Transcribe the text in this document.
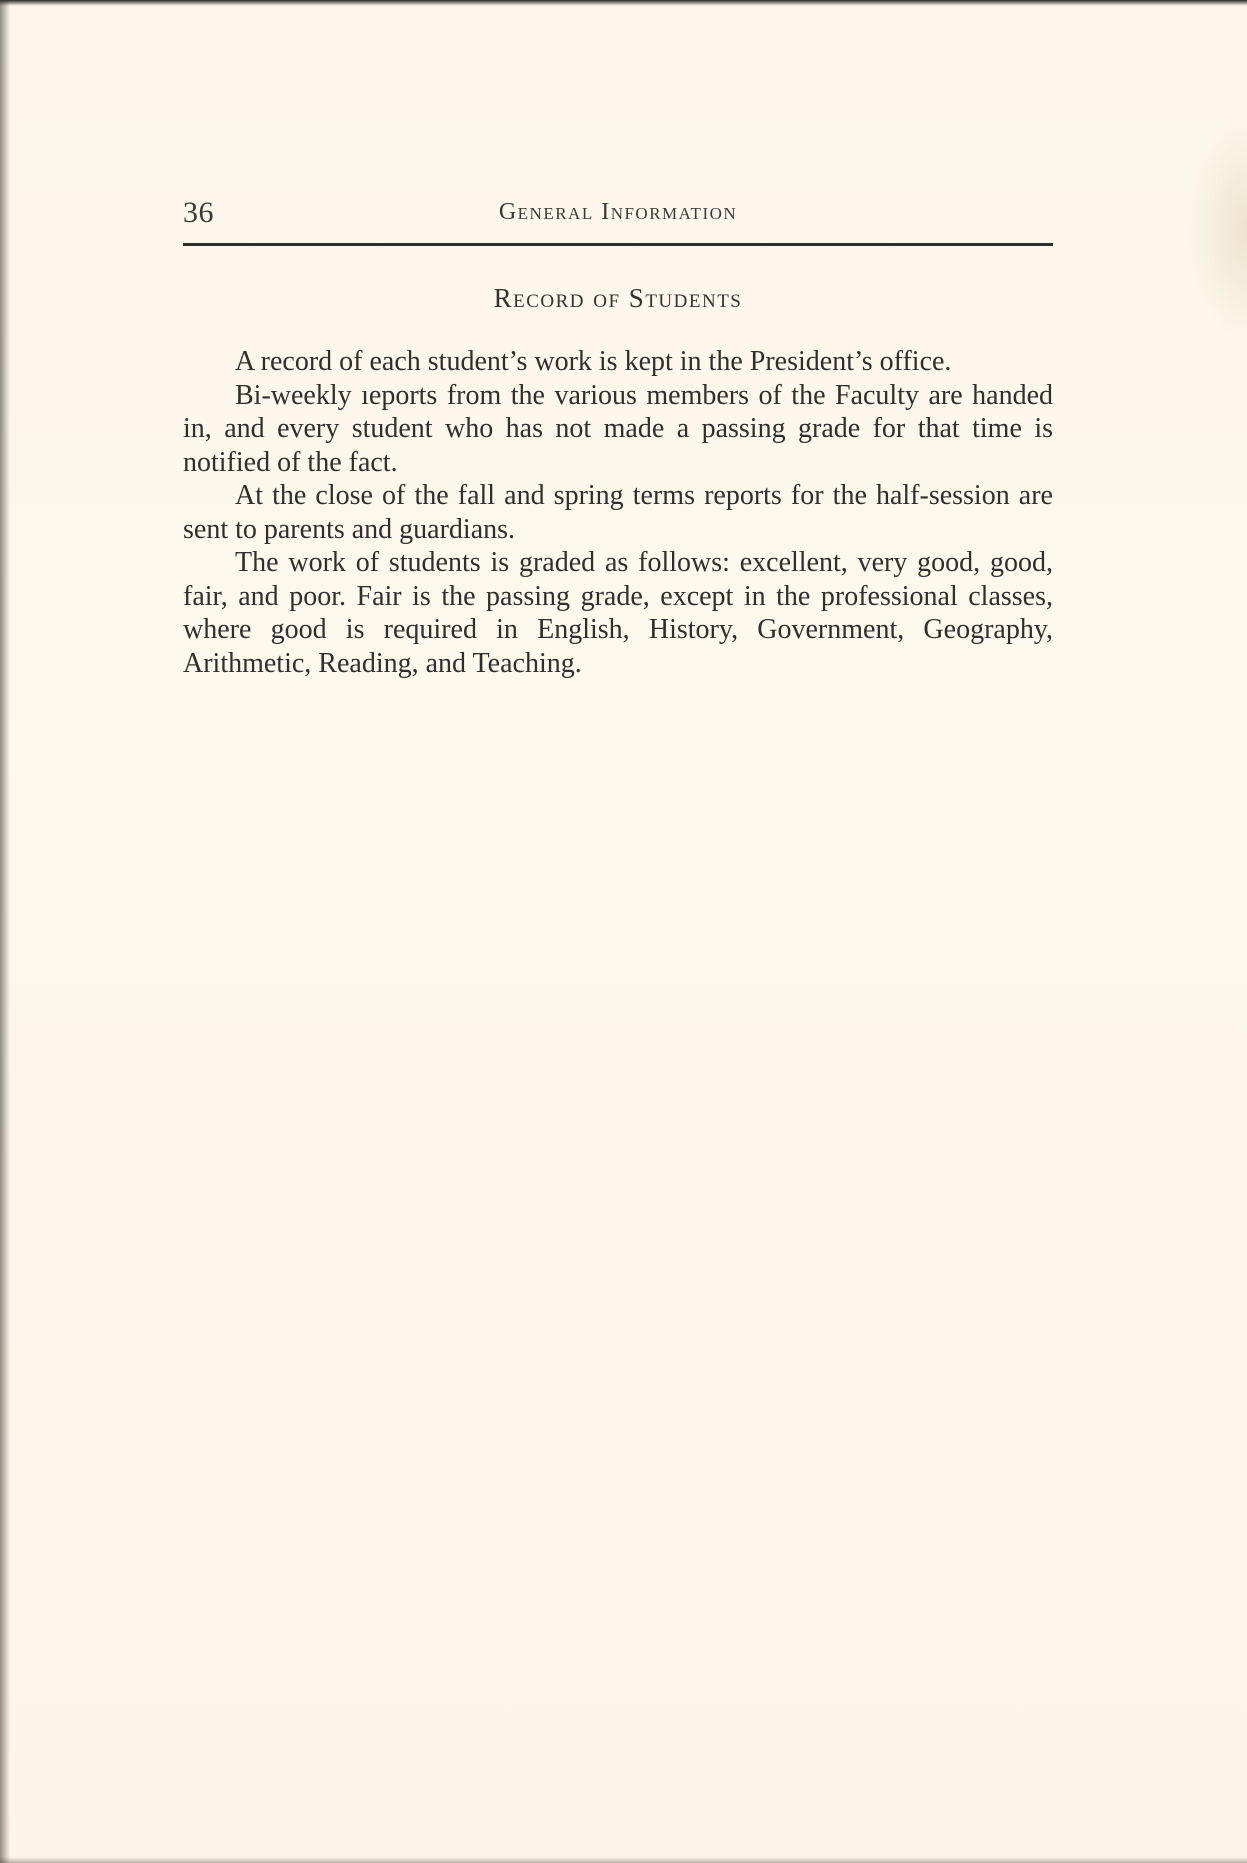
36	General Information
Record of Students

A record of each student’s work is kept in the President’s office.

Bi-weekly ıeports from the various members of the Faculty are handed in, and every student who has not made a passing grade for that time is notified of the fact.

At the close of the fall and spring terms reports for the half-session are sent to parents and guardians.

The work of students is graded as follows: excellent, very good, good, fair, and poor. Fair is the passing grade, except in the professional classes, where good is required in English, History, Government, Geography, Arithmetic, Reading, and Teaching.
